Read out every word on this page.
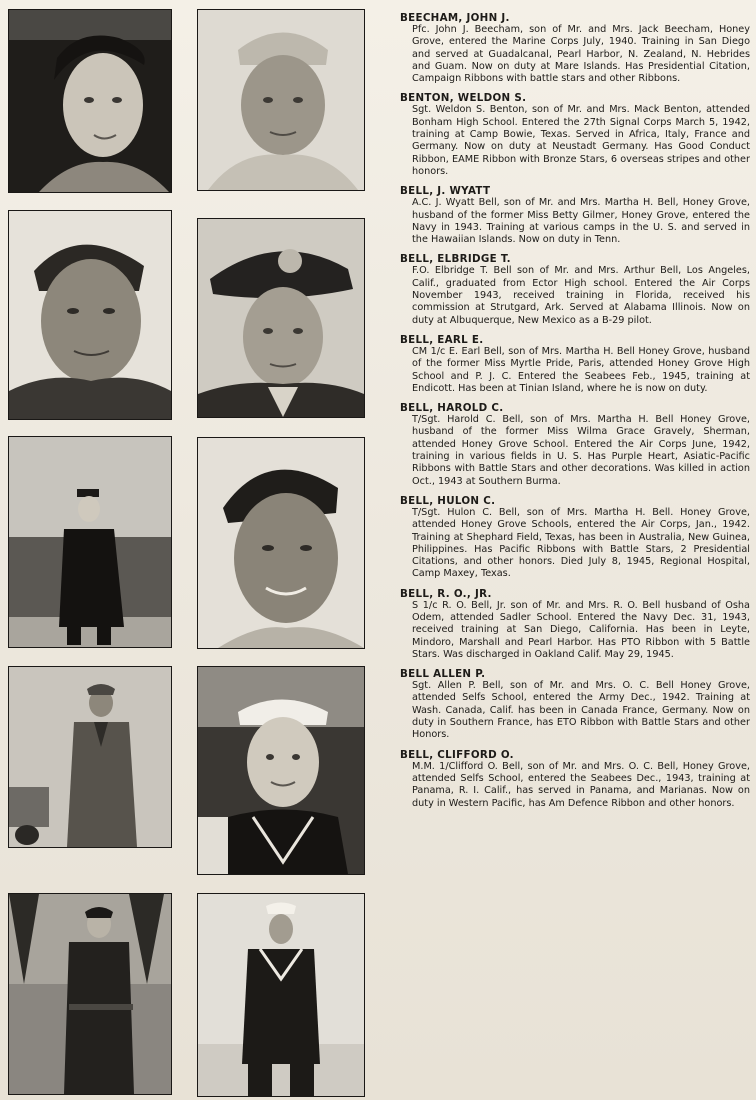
BEECHAM, JOHN J.
Pfc. John J. Beecham, son of Mr. and Mrs. Jack Beecham, Honey Grove, entered the Marine Corps July, 1940. Training in San Diego and served at Guadalcanal, Pearl Harbor, N. Zealand, N. Hebrides and Guam. Now on duty at Mare Islands. Has Presidential Citation, Campaign Ribbons with battle stars and other Ribbons.
BENTON, WELDON S.
Sgt. Weldon S. Benton, son of Mr. and Mrs. Mack Benton, attended Bonham High School. Entered the 27th Signal Corps March 5, 1942, training at Camp Bowie, Texas. Served in Africa, Italy, France and Germany. Now on duty at Neustadt Germany. Has Good Conduct Ribbon, EAME Ribbon with Bronze Stars, 6 overseas stripes and other honors.
BELL, J. WYATT
A.C. J. Wyatt Bell, son of Mr. and Mrs. Martha H. Bell, Honey Grove, husband of the former Miss Betty Gilmer, Honey Grove, entered the Navy in 1943. Training at various camps in the U. S. and served in the Hawaiian Islands. Now on duty in Tenn.
BELL, ELBRIDGE T.
F.O. Elbridge T. Bell son of Mr. and Mrs. Arthur Bell, Los Angeles, Calif., graduated from Ector High school. Entered the Air Corps November 1943, received training in Florida, received his commission at Strutgard, Ark. Served at Alabama Illinois. Now on duty at Albuquerque, New Mexico as a B-29 pilot.
BELL, EARL E.
CM 1/c E. Earl Bell, son of Mrs. Martha H. Bell Honey Grove, husband of the former Miss Myrtle Pride, Paris, attended Honey Grove High School and P. J. C. Entered the Seabees Feb., 1945, training at Endicott. Has been at Tinian Island, where he is now on duty.
BELL, HAROLD C.
T/Sgt. Harold C. Bell, son of Mrs. Martha H. Bell Honey Grove, husband of the former Miss Wilma Grace Gravely, Sherman, attended Honey Grove School. Entered the Air Corps June, 1942, training in various fields in U. S. Has Purple Heart, Asiatic-Pacific Ribbons with Battle Stars and other decorations. Was killed in action Oct., 1943 at Southern Burma.
BELL, HULON C.
T/Sgt. Hulon C. Bell, son of Mrs. Martha H. Bell. Honey Grove, attended Honey Grove Schools, entered the Air Corps, Jan., 1942. Training at Shephard Field, Texas, has been in Australia, New Guinea, Philippines. Has Pacific Ribbons with Battle Stars, 2 Presidential Citations, and other honors. Died July 8, 1945, Regional Hospital, Camp Maxey, Texas.
BELL, R. O., JR.
S 1/c R. O. Bell, Jr. son of Mr. and Mrs. R. O. Bell husband of Osha Odem, attended Sadler School. Entered the Navy Dec. 31, 1943, received training at San Diego, California. Has been in Leyte, Mindoro, Marshall and Pearl Harbor. Has PTO Ribbon with 5 Battle Stars. Was discharged in Oakland Calif. May 29, 1945.
BELL ALLEN P.
Sgt. Allen P. Bell, son of Mr. and Mrs. O. C. Bell Honey Grove, attended Selfs School, entered the Army Dec., 1942. Training at Wash. Canada, Calif. has been in Canada France, Germany. Now on duty in Southern France, has ETO Ribbon with Battle Stars and other Honors.
BELL, CLIFFORD O.
M.M. 1/Clifford O. Bell, son of Mr. and Mrs. O. C. Bell, Honey Grove, attended Selfs School, entered the Seabees Dec., 1943, training at Panama, R. I. Calif., has served in Panama, and Marianas. Now on duty in Western Pacific, has Am Defence Ribbon and other honors.
